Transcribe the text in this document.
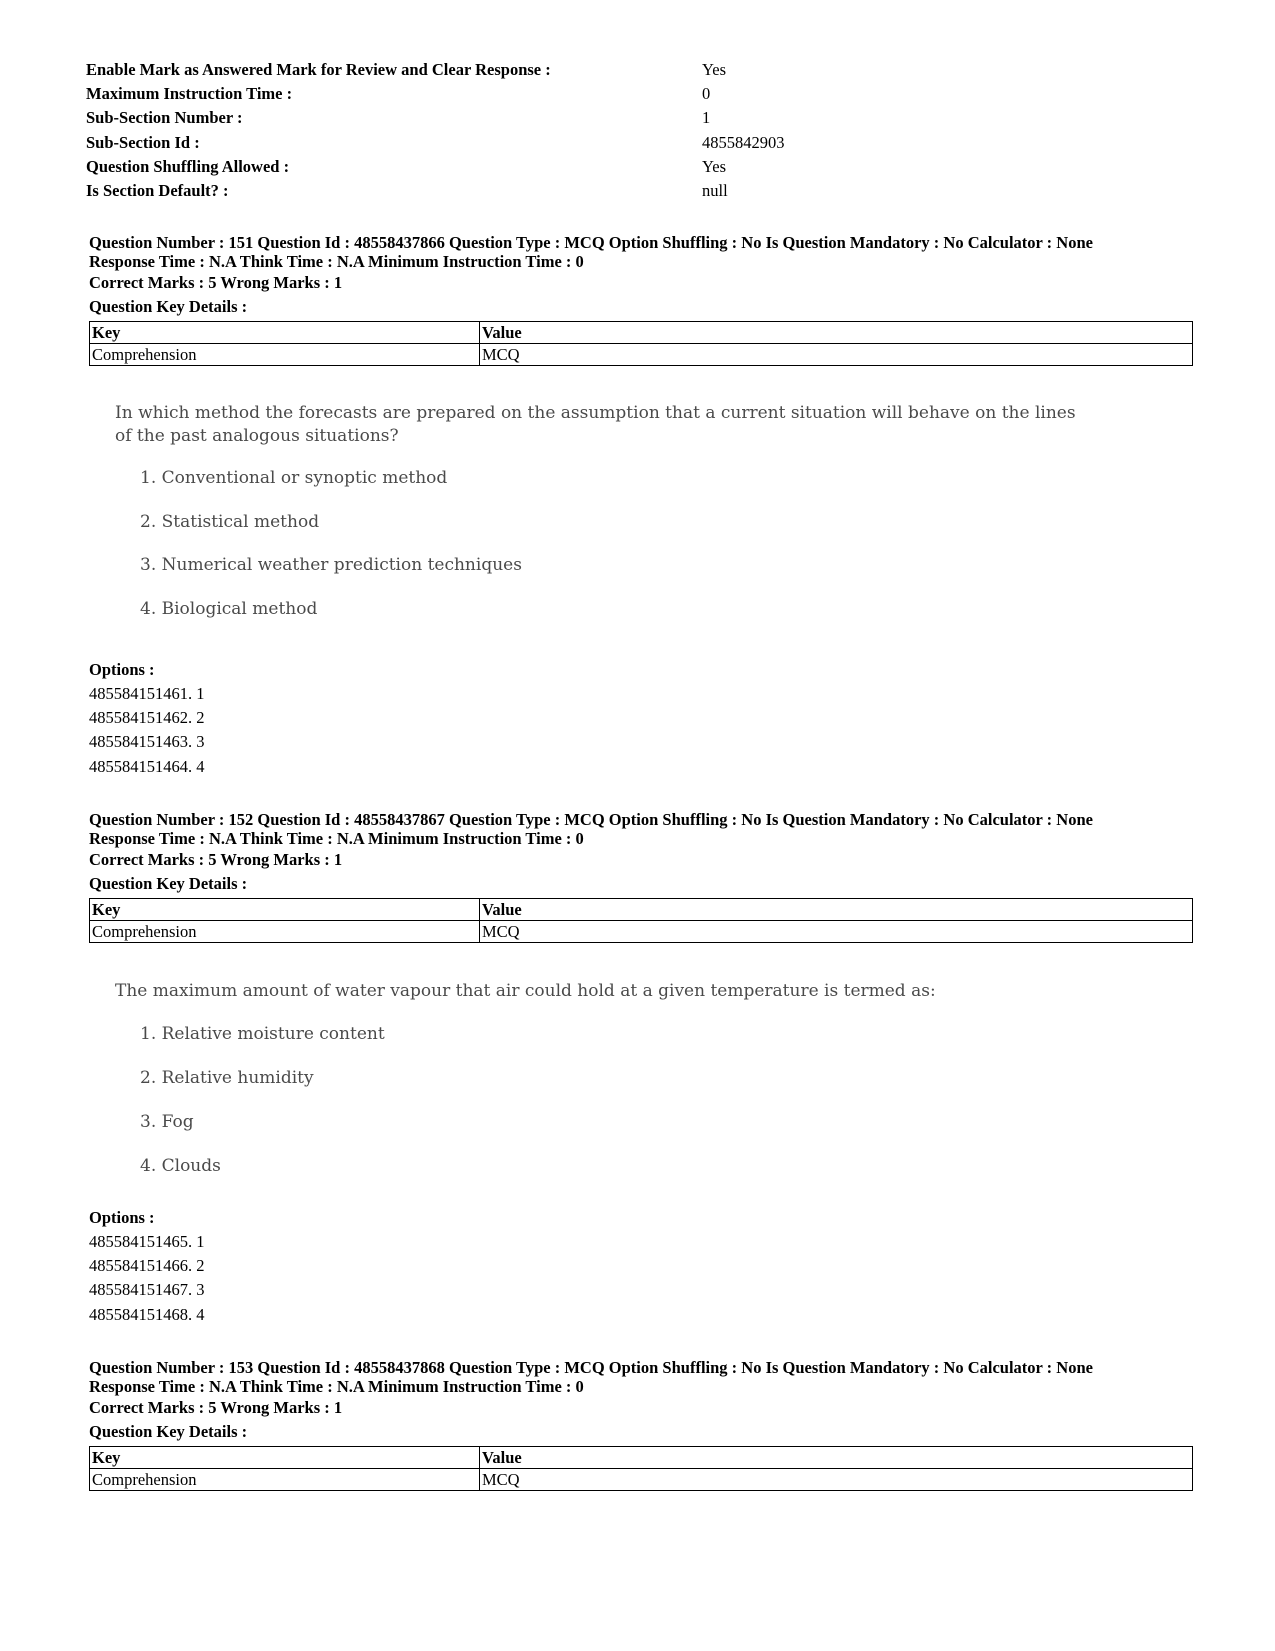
Enable Mark as Answered Mark for Review and Clear Response :	Yes
Maximum Instruction Time :	0
Sub-Section Number :	1
Sub-Section Id :	4855842903
Question Shuffling Allowed :	Yes
Is Section Default? :	null
Question Number : 151 Question Id : 48558437866 Question Type : MCQ Option Shuffling : No Is Question Mandatory : No Calculator : None
Response Time : N.A Think Time : N.A Minimum Instruction Time : 0
Correct Marks : 5 Wrong Marks : 1
Question Key Details :
Key	Value
Comprehension	MCQ
In which method the forecasts are prepared on the assumption that a current situation will behave on the lines
of the past analogous situations?
1. Conventional or synoptic method
2. Statistical method
3. Numerical weather prediction techniques
4. Biological method
Options :
485584151461. 1
485584151462. 2
485584151463. 3
485584151464. 4
Question Number : 152 Question Id : 48558437867 Question Type : MCQ Option Shuffling : No Is Question Mandatory : No Calculator : None
Response Time : N.A Think Time : N.A Minimum Instruction Time : 0
Correct Marks : 5 Wrong Marks : 1
Question Key Details :
Key	Value
Comprehension	MCQ
The maximum amount of water vapour that air could hold at a given temperature is termed as:
1. Relative moisture content
2. Relative humidity
3. Fog
4. Clouds
Options :
485584151465. 1
485584151466. 2
485584151467. 3
485584151468. 4
Question Number : 153 Question Id : 48558437868 Question Type : MCQ Option Shuffling : No Is Question Mandatory : No Calculator : None
Response Time : N.A Think Time : N.A Minimum Instruction Time : 0
Correct Marks : 5 Wrong Marks : 1
Question Key Details :
Key	Value
Comprehension	MCQ
